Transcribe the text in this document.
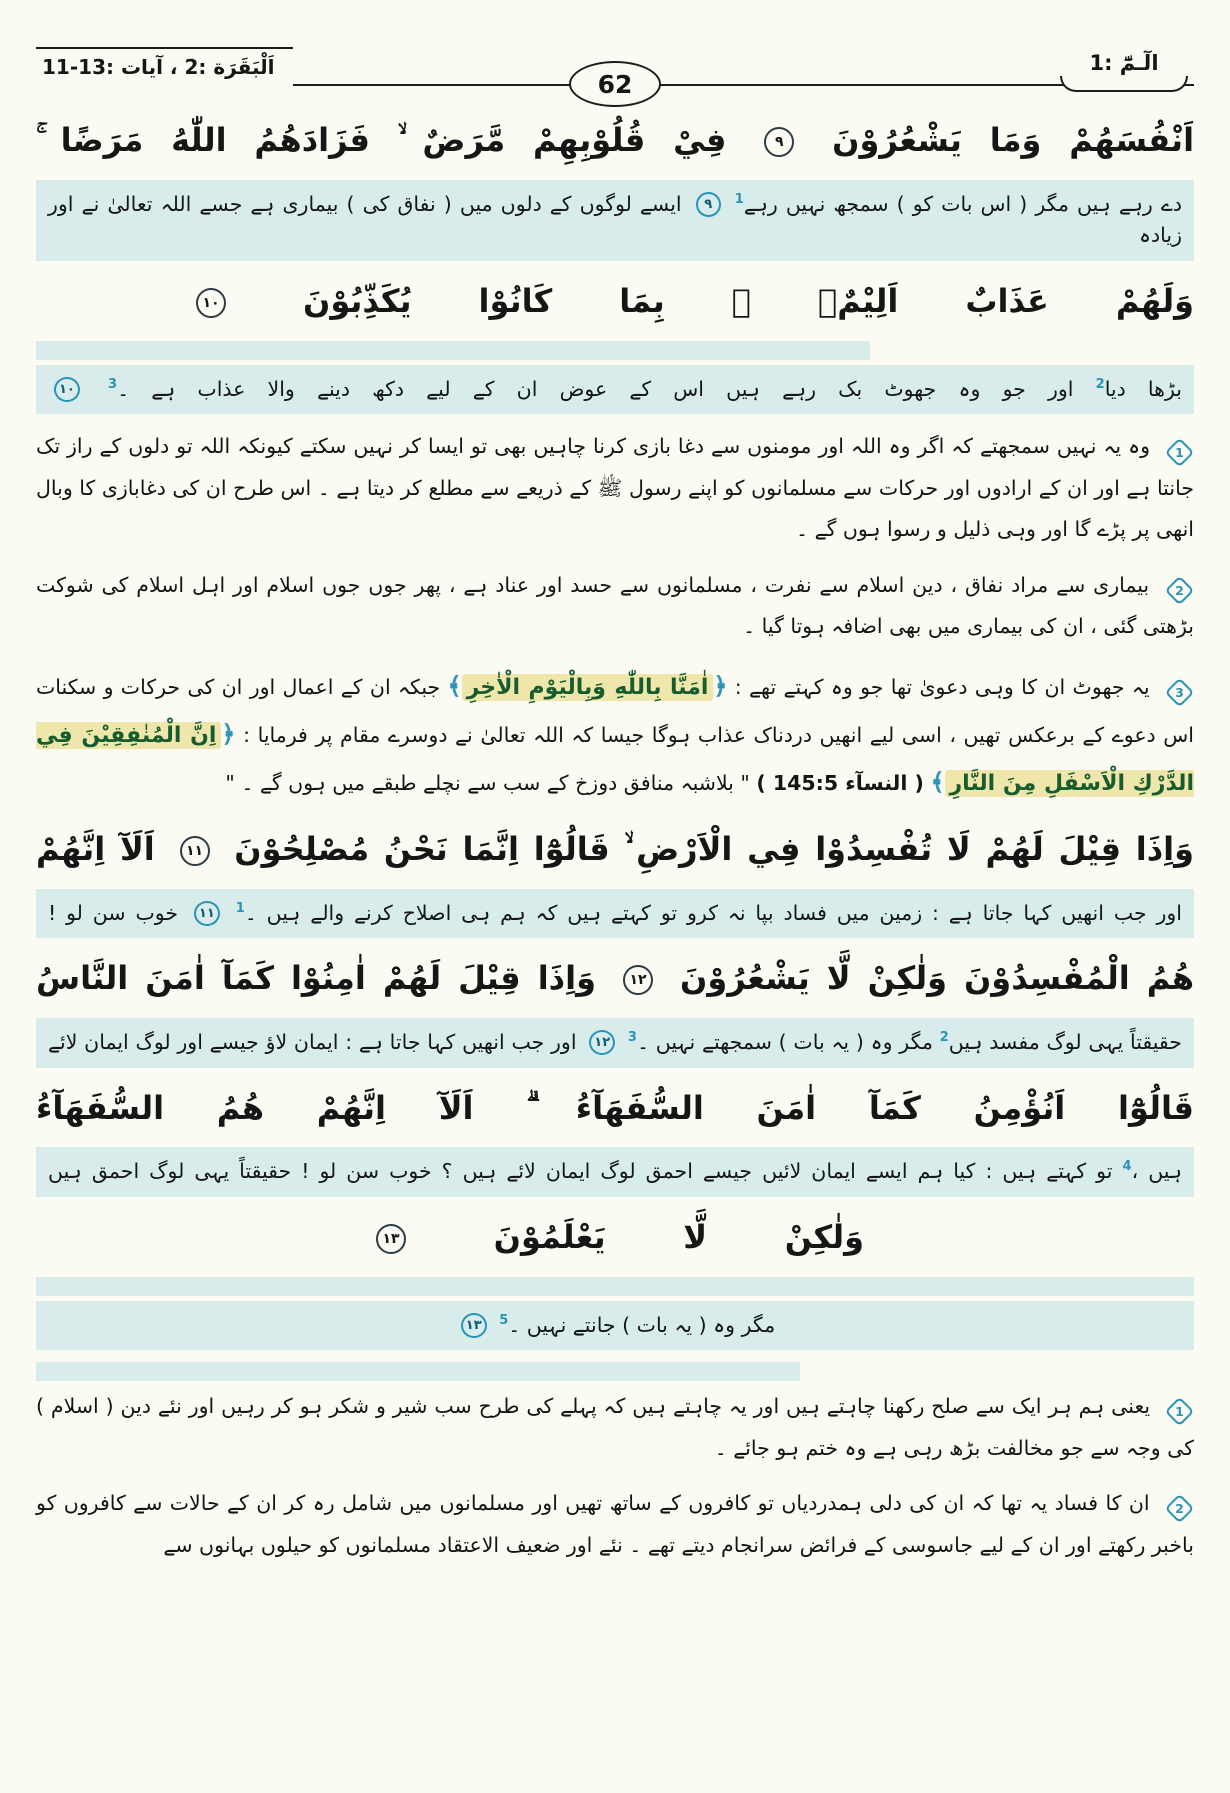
الٓـمّٓ :1
62
اَلْبَقَرَة :2 ، آیات :13-11

اَنْفُسَهُمْ وَمَا يَشْعُرُوْنَ ٩ فِيْ قُلُوْبِهِمْ مَّرَضٌ ۙ فَزَادَهُمُ اللّٰهُ مَرَضًا ۚ

دے رہے ہیں مگر ( اس بات کو ) سمجھ نہیں رہے$^1$ ٩ ایسے لوگوں کے دلوں میں ( نفاق کی ) بیماری ہے جسے اللہ تعالیٰ نے اور زیادہ

وَلَهُمْ عَذَابٌ اَلِيْمٌۢ ۙ بِمَا كَانُوْا يُكَذِّبُوْنَ ١٠

بڑھا دیا$^2$ اور جو وہ جھوٹ بک رہے ہیں اس کے عوض ان کے لیے دکھ دینے والا عذاب ہے ۔$^3$ ١٠

1
وہ یہ نہیں سمجھتے کہ اگر وہ اللہ اور مومنوں سے دغا بازی کرنا چاہیں بھی تو ایسا کر نہیں سکتے کیونکہ اللہ تو دلوں کے راز تک جانتا ہے اور ان کے ارادوں اور حرکات سے مسلمانوں کو اپنے رسول ﷺ کے ذریعے سے مطلع کر دیتا ہے ۔ اس طرح ان کی دغابازی کا وبال انھی پر پڑے گا اور وہی ذلیل و رسوا ہوں گے ۔

2
بیماری سے مراد نفاق ، دین اسلام سے نفرت ، مسلمانوں سے حسد اور عناد ہے ، پھر جوں جوں اسلام اور اہل اسلام کی شوکت بڑھتی گئی ، ان کی بیماری میں بھی اضافہ ہوتا گیا ۔

3
یہ جھوٹ ان کا وہی دعویٰ تھا جو وہ کہتے تھے : ﴿اٰمَنَّا بِاللّٰهِ وَبِالْيَوْمِ الْاٰخِرِ﴾ جبکہ ان کے اعمال اور ان کی حرکات و سکنات اس دعوے کے برعکس تھیں ، اسی لیے انھیں دردناک عذاب ہوگا جیسا کہ اللہ تعالیٰ نے دوسرے مقام پر فرمایا : ﴿اِنَّ الْمُنٰفِقِيْنَ فِي الدَّرْكِ الْاَسْفَلِ مِنَ النَّارِ﴾ ( النسآء 145:5 ) " بلاشبہ منافق دوزخ کے سب سے نچلے طبقے میں ہوں گے ۔ "

وَاِذَا قِيْلَ لَهُمْ لَا تُفْسِدُوْا فِي الْاَرْضِ ۙ قَالُوْٓا اِنَّمَا نَحْنُ مُصْلِحُوْنَ ١١ اَلَآ اِنَّهُمْ

اور جب انھیں کہا جاتا ہے : زمین میں فساد بپا نہ کرو تو کہتے ہیں کہ ہم ہی اصلاح کرنے والے ہیں ۔$^1$ ١١ خوب سن لو !

هُمُ الْمُفْسِدُوْنَ وَلٰكِنْ لَّا يَشْعُرُوْنَ ١٢ وَاِذَا قِيْلَ لَهُمْ اٰمِنُوْا كَمَآ اٰمَنَ النَّاسُ

حقیقتاً یہی لوگ مفسد ہیں$^2$ مگر وہ ( یہ بات ) سمجھتے نہیں ۔$^3$ ١٢ اور جب انھیں کہا جاتا ہے : ایمان لاؤ جیسے اور لوگ ایمان لائے

قَالُوْٓا اَنُؤْمِنُ كَمَآ اٰمَنَ السُّفَهَآءُ ۗ اَلَآ اِنَّهُمْ هُمُ السُّفَهَآءُ

ہیں ،$^4$ تو کہتے ہیں : کیا ہم ایسے ایمان لائیں جیسے احمق لوگ ایمان لائے ہیں ؟ خوب سن لو ! حقیقتاً یہی لوگ احمق ہیں

وَلٰكِنْ لَّا يَعْلَمُوْنَ ١٣

مگر وہ ( یہ بات ) جانتے نہیں ۔$^5$ ١٣

1
یعنی ہم ہر ایک سے صلح رکھنا چاہتے ہیں اور یہ چاہتے ہیں کہ پہلے کی طرح سب شیر و شکر ہو کر رہیں اور نئے دین ( اسلام ) کی وجہ سے جو مخالفت بڑھ رہی ہے وہ ختم ہو جائے ۔

2
ان کا فساد یہ تھا کہ ان کی دلی ہمدردیاں تو کافروں کے ساتھ تھیں اور مسلمانوں میں شامل رہ کر ان کے حالات سے کافروں کو باخبر رکھتے اور ان کے لیے جاسوسی کے فرائض سرانجام دیتے تھے ۔ نئے اور ضعیف الاعتقاد مسلمانوں کو حیلوں بہانوں سے
